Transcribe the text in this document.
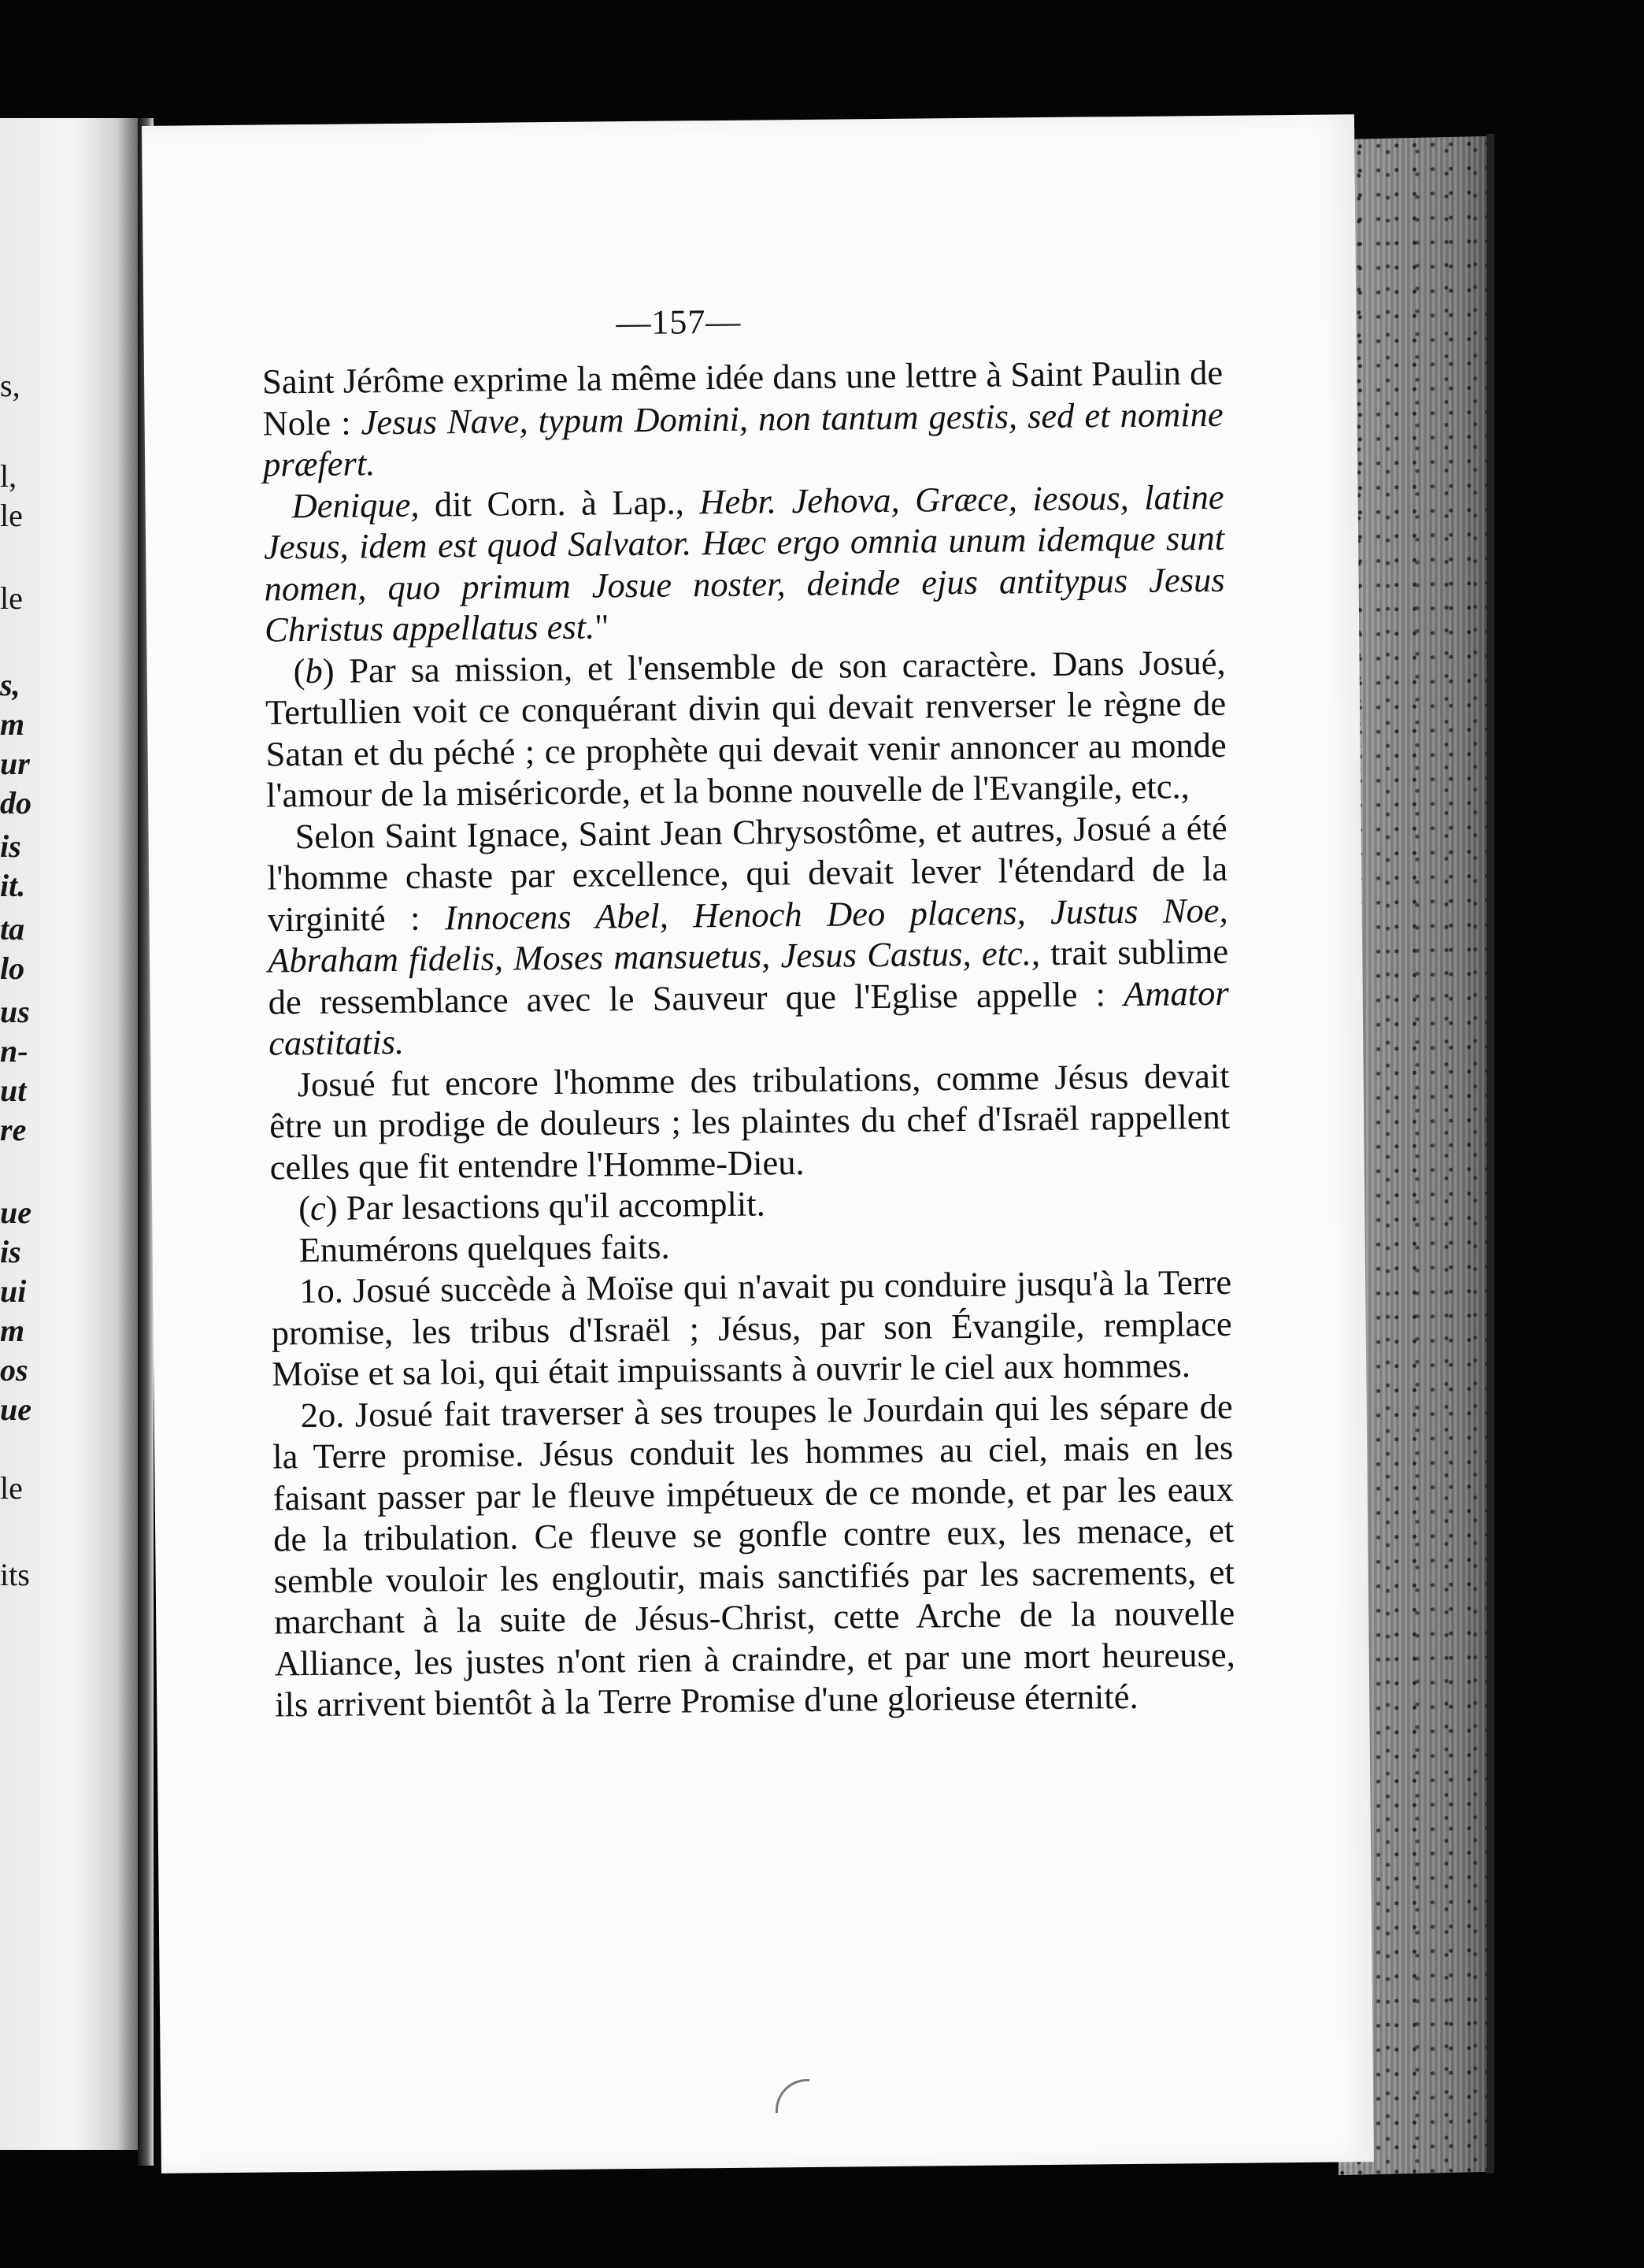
s,
l,
le
le
s,
m
ur
do
is
it.
ta
lo
us
n-
ut
re
ue
is
ui
m
os
ue
le
its
—157—

Saint Jérôme exprime la même idée dans une lettre à Saint Paulin de Nole : Jesus Nave, typum Domini, non tantum gestis, sed et nomine præfert.

Denique, dit Corn. à Lap., Hebr. Jehova, Græce, iesous, latine Jesus, idem est quod Salvator. Hæc ergo omnia unum idemque sunt nomen, quo primum Josue noster, deinde ejus antitypus Jesus Christus appellatus est."

(b) Par sa mission, et l'ensemble de son caractère. Dans Josué, Tertullien voit ce conquérant divin qui devait renverser le règne de Satan et du péché ; ce prophète qui devait venir annoncer au monde l'amour de la miséricorde, et la bonne nouvelle de l'Evangile, etc.,

Selon Saint Ignace, Saint Jean Chrysostôme, et autres, Josué a été l'homme chaste par excellence, qui devait lever l'étendard de la virginité : Innocens Abel, Henoch Deo placens, Justus Noe, Abraham fidelis, Moses mansuetus, Jesus Castus, etc., trait sublime de ressemblance avec le Sauveur que l'Eglise appelle : Amator castitatis.

Josué fut encore l'homme des tribulations, comme Jésus devait être un prodige de douleurs ; les plaintes du chef d'Israël rappellent celles que fit entendre l'Homme-Dieu.

(c) Par lesactions qu'il accomplit.

Enumérons quelques faits.

1o. Josué succède à Moïse qui n'avait pu conduire jusqu'à la Terre promise, les tribus d'Israël ; Jésus, par son Évangile, remplace Moïse et sa loi, qui était impuissants à ouvrir le ciel aux hommes.

2o. Josué fait traverser à ses troupes le Jourdain qui les sépare de la Terre promise. Jésus conduit les hommes au ciel, mais en les faisant passer par le fleuve impétueux de ce monde, et par les eaux de la tribulation. Ce fleuve se gonfle contre eux, les menace, et semble vouloir les engloutir, mais sanctifiés par les sacrements, et marchant à la suite de Jésus-Christ, cette Arche de la nouvelle Alliance, les justes n'ont rien à craindre, et par une mort heureuse, ils arrivent bientôt à la Terre Promise d'une glorieuse éternité.
